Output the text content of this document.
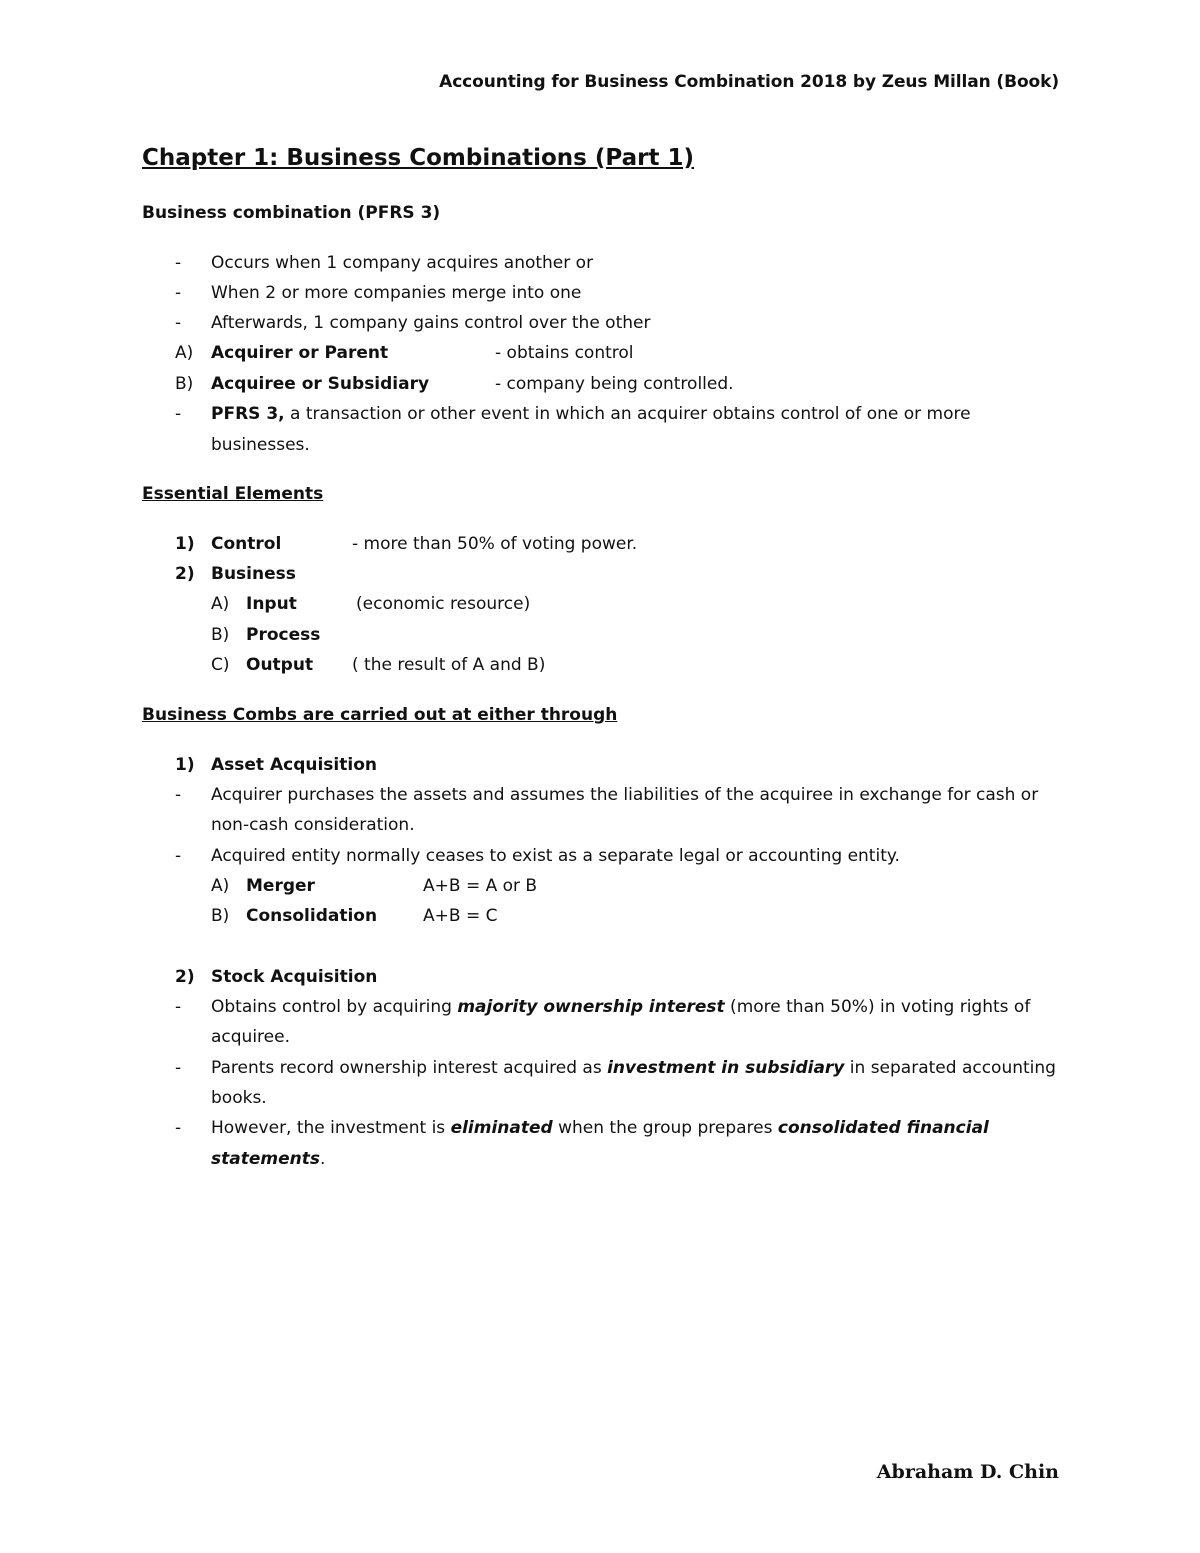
Accounting for Business Combination 2018 by Zeus Millan (Book)
Chapter 1: Business Combinations (Part 1)
Business combination (PFRS 3)
- Occurs when 1 company acquires another or
- When 2 or more companies merge into one
- Afterwards, 1 company gains control over the other
A) Acquirer or Parent	- obtains control
B) Acquiree or Subsidiary	- company being controlled.
- PFRS 3, a transaction or other event in which an acquirer obtains control of one or more
businesses.
Essential Elements
1) Control	- more than 50% of voting power.
2) Business
A) Input	(economic resource)
B) Process
C) Output ( the result of A and B)
Business Combs are carried out at either through
1) Asset Acquisition
- Acquirer purchases the assets and assumes the liabilities of the acquiree in exchange for cash or
non-cash consideration.
- Acquired entity normally ceases to exist as a separate legal or accounting entity.
A) Merger	A+B = A or B
B) Consolidation	A+B = C
2) Stock Acquisition
- Obtains control by acquiring majority ownership interest (more than 50%) in voting rights of
acquiree.
- Parents record ownership interest acquired as investment in subsidiary in separated accounting
books.
- However, the investment is eliminated when the group prepares consolidated financial
statements.
Abraham D. Chin
